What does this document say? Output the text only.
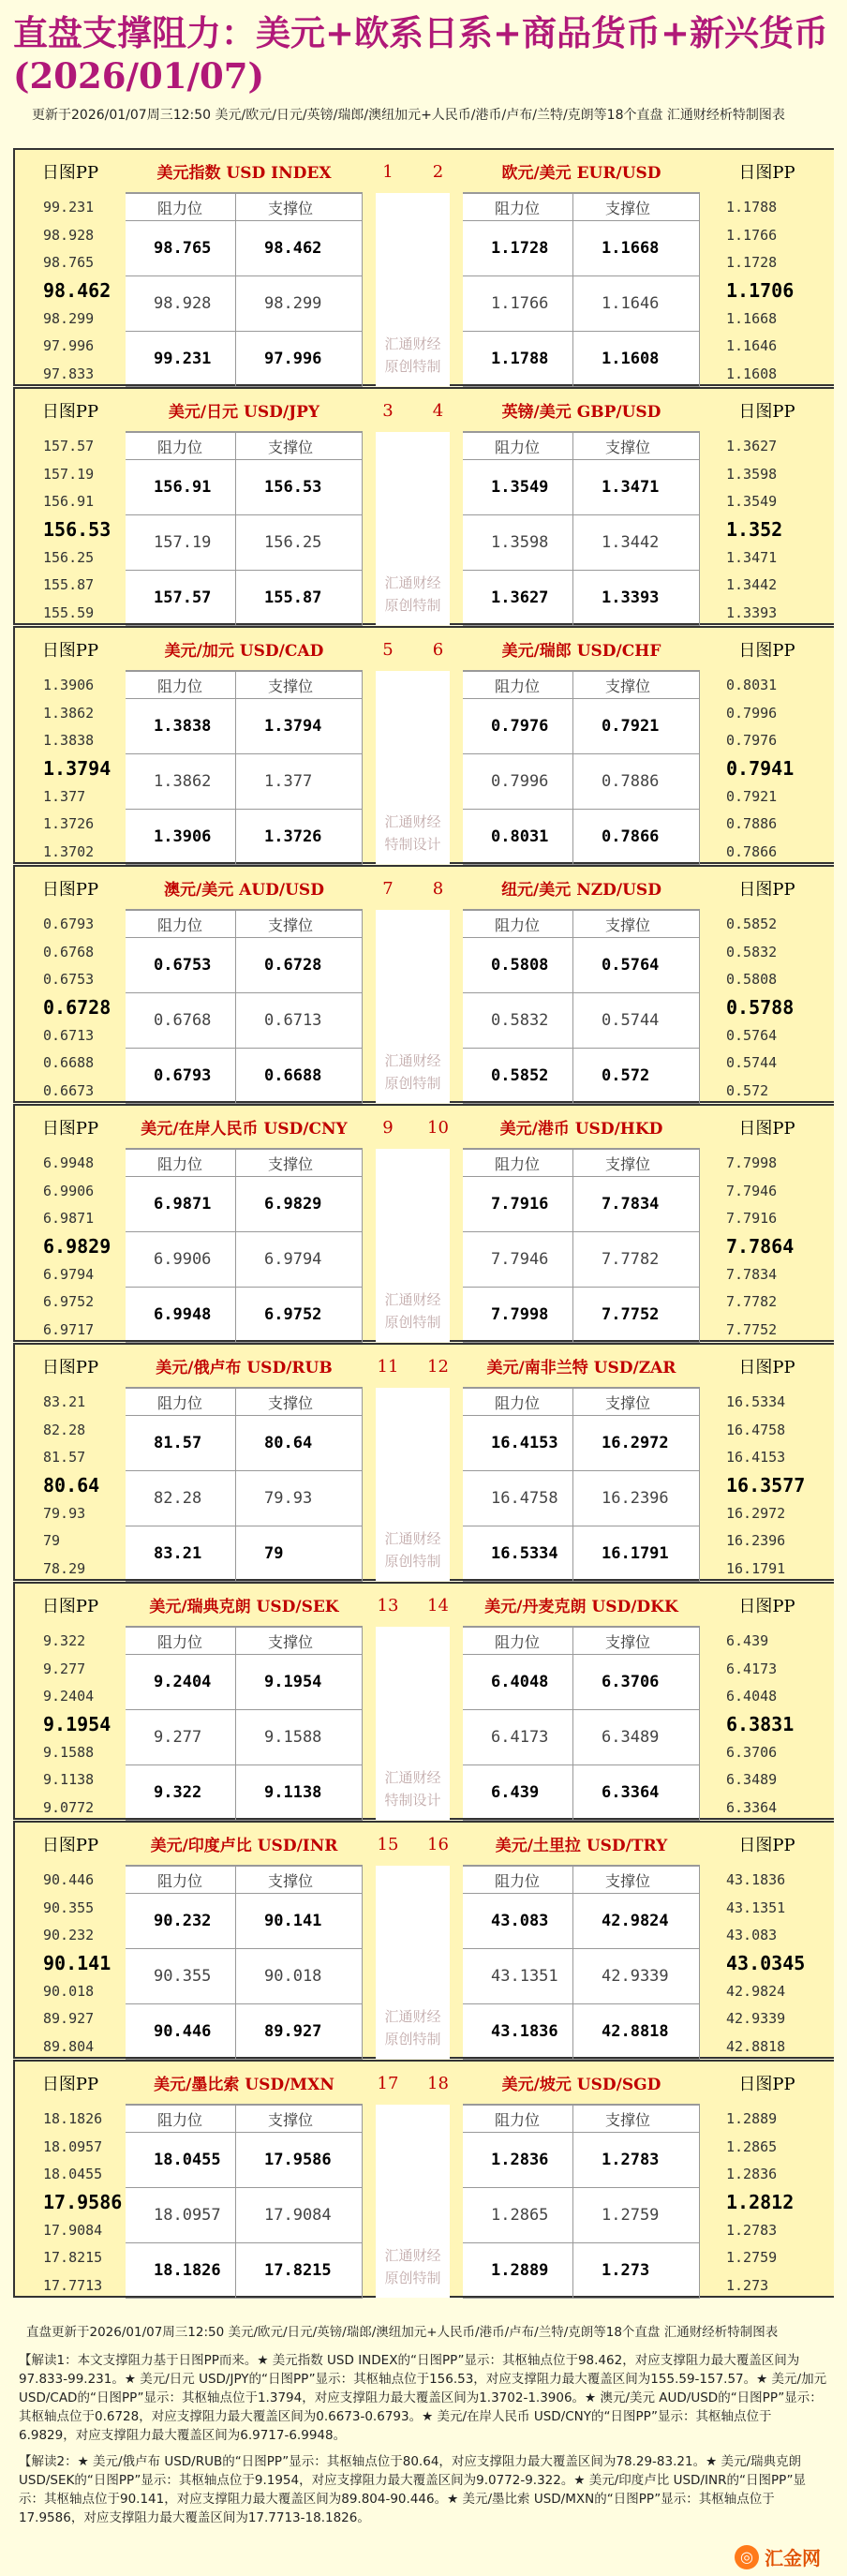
直盘支撑阻力：美元+欧系日系+商品货币+新兴货币(2026/01/07)
更新于2026/01/07周三12:50 美元/欧元/日元/英镑/瑞郎/澳纽加元+人民币/港币/卢布/兰特/克朗等18个直盘 汇通财经析特制图表
日图PP
99.231
98.928
98.765
98.462
98.299
97.996
97.833
美元指数 USD INDEX
阻力位	支撑位
98.765	98.462
98.928	98.299
99.231	97.996
1	2
汇通财经
原创特制
欧元/美元 EUR/USD
阻力位	支撑位
1.1728	1.1668
1.1766	1.1646
1.1788	1.1608
日图PP
1.1788
1.1766
1.1728
1.1706
1.1668
1.1646
1.1608
日图PP
157.57
157.19
156.91
156.53
156.25
155.87
155.59
美元/日元 USD/JPY
阻力位	支撑位
156.91	156.53
157.19	156.25
157.57	155.87
3	4
汇通财经
原创特制
英镑/美元 GBP/USD
阻力位	支撑位
1.3549	1.3471
1.3598	1.3442
1.3627	1.3393
日图PP
1.3627
1.3598
1.3549
1.352
1.3471
1.3442
1.3393
日图PP
1.3906
1.3862
1.3838
1.3794
1.377
1.3726
1.3702
美元/加元 USD/CAD
阻力位	支撑位
1.3838	1.3794
1.3862	1.377
1.3906	1.3726
5	6
汇通财经
特制设计
美元/瑞郎 USD/CHF
阻力位	支撑位
0.7976	0.7921
0.7996	0.7886
0.8031	0.7866
日图PP
0.8031
0.7996
0.7976
0.7941
0.7921
0.7886
0.7866
日图PP
0.6793
0.6768
0.6753
0.6728
0.6713
0.6688
0.6673
澳元/美元 AUD/USD
阻力位	支撑位
0.6753	0.6728
0.6768	0.6713
0.6793	0.6688
7	8
汇通财经
原创特制
纽元/美元 NZD/USD
阻力位	支撑位
0.5808	0.5764
0.5832	0.5744
0.5852	0.572
日图PP
0.5852
0.5832
0.5808
0.5788
0.5764
0.5744
0.572
日图PP
6.9948
6.9906
6.9871
6.9829
6.9794
6.9752
6.9717
美元/在岸人民币 USD/CNY
阻力位	支撑位
6.9871	6.9829
6.9906	6.9794
6.9948	6.9752
9	10
汇通财经
原创特制
美元/港币 USD/HKD
阻力位	支撑位
7.7916	7.7834
7.7946	7.7782
7.7998	7.7752
日图PP
7.7998
7.7946
7.7916
7.7864
7.7834
7.7782
7.7752
日图PP
83.21
82.28
81.57
80.64
79.93
79
78.29
美元/俄卢布 USD/RUB
阻力位	支撑位
81.57	80.64
82.28	79.93
83.21	79
11	12
汇通财经
原创特制
美元/南非兰特 USD/ZAR
阻力位	支撑位
16.4153	16.2972
16.4758	16.2396
16.5334	16.1791
日图PP
16.5334
16.4758
16.4153
16.3577
16.2972
16.2396
16.1791
日图PP
9.322
9.277
9.2404
9.1954
9.1588
9.1138
9.0772
美元/瑞典克朗 USD/SEK
阻力位	支撑位
9.2404	9.1954
9.277	9.1588
9.322	9.1138
13	14
汇通财经
特制设计
美元/丹麦克朗 USD/DKK
阻力位	支撑位
6.4048	6.3706
6.4173	6.3489
6.439	6.3364
日图PP
6.439
6.4173
6.4048
6.3831
6.3706
6.3489
6.3364
日图PP
90.446
90.355
90.232
90.141
90.018
89.927
89.804
美元/印度卢比 USD/INR
阻力位	支撑位
90.232	90.141
90.355	90.018
90.446	89.927
15	16
汇通财经
原创特制
美元/土里拉 USD/TRY
阻力位	支撑位
43.083	42.9824
43.1351	42.9339
43.1836	42.8818
日图PP
43.1836
43.1351
43.083
43.0345
42.9824
42.9339
42.8818
日图PP
18.1826
18.0957
18.0455
17.9586
17.9084
17.8215
17.7713
美元/墨比索 USD/MXN
阻力位	支撑位
18.0455	17.9586
18.0957	17.9084
18.1826	17.8215
17	18
汇通财经
原创特制
美元/坡元 USD/SGD
阻力位	支撑位
1.2836	1.2783
1.2865	1.2759
1.2889	1.273
日图PP
1.2889
1.2865
1.2836
1.2812
1.2783
1.2759
1.273

直盘更新于2026/01/07周三12:50 美元/欧元/日元/英镑/瑞郎/澳纽加元+人民币/港币/卢布/兰特/克朗等18个直盘 汇通财经析特制图表

【解读1：本文支撑阻力基于日图PP而来。★ 美元指数 USD INDEX的“日图PP”显示：其枢轴点位于98.462，对应支撑阻力最大覆盖区间为97.833-99.231。★ 美元/日元 USD/JPY的“日图PP”显示：其枢轴点位于156.53，对应支撑阻力最大覆盖区间为155.59-157.57。★ 美元/加元 USD/CAD的“日图PP”显示：其枢轴点位于1.3794，对应支撑阻力最大覆盖区间为1.3702-1.3906。★ 澳元/美元 AUD/USD的“日图PP”显示：其枢轴点位于0.6728，对应支撑阻力最大覆盖区间为0.6673-0.6793。★ 美元/在岸人民币 USD/CNY的“日图PP”显示：其枢轴点位于6.9829，对应支撑阻力最大覆盖区间为6.9717-6.9948。

【解读2：★ 美元/俄卢布 USD/RUB的“日图PP”显示：其枢轴点位于80.64，对应支撑阻力最大覆盖区间为78.29-83.21。★ 美元/瑞典克朗 USD/SEK的“日图PP”显示：其枢轴点位于9.1954，对应支撑阻力最大覆盖区间为9.0772-9.322。★ 美元/印度卢比 USD/INR的“日图PP”显示：其枢轴点位于90.141，对应支撑阻力最大覆盖区间为89.804-90.446。★ 美元/墨比索 USD/MXN的“日图PP”显示：其枢轴点位于17.9586，对应支撑阻力最大覆盖区间为17.7713-18.1826。

◎ 汇金网
